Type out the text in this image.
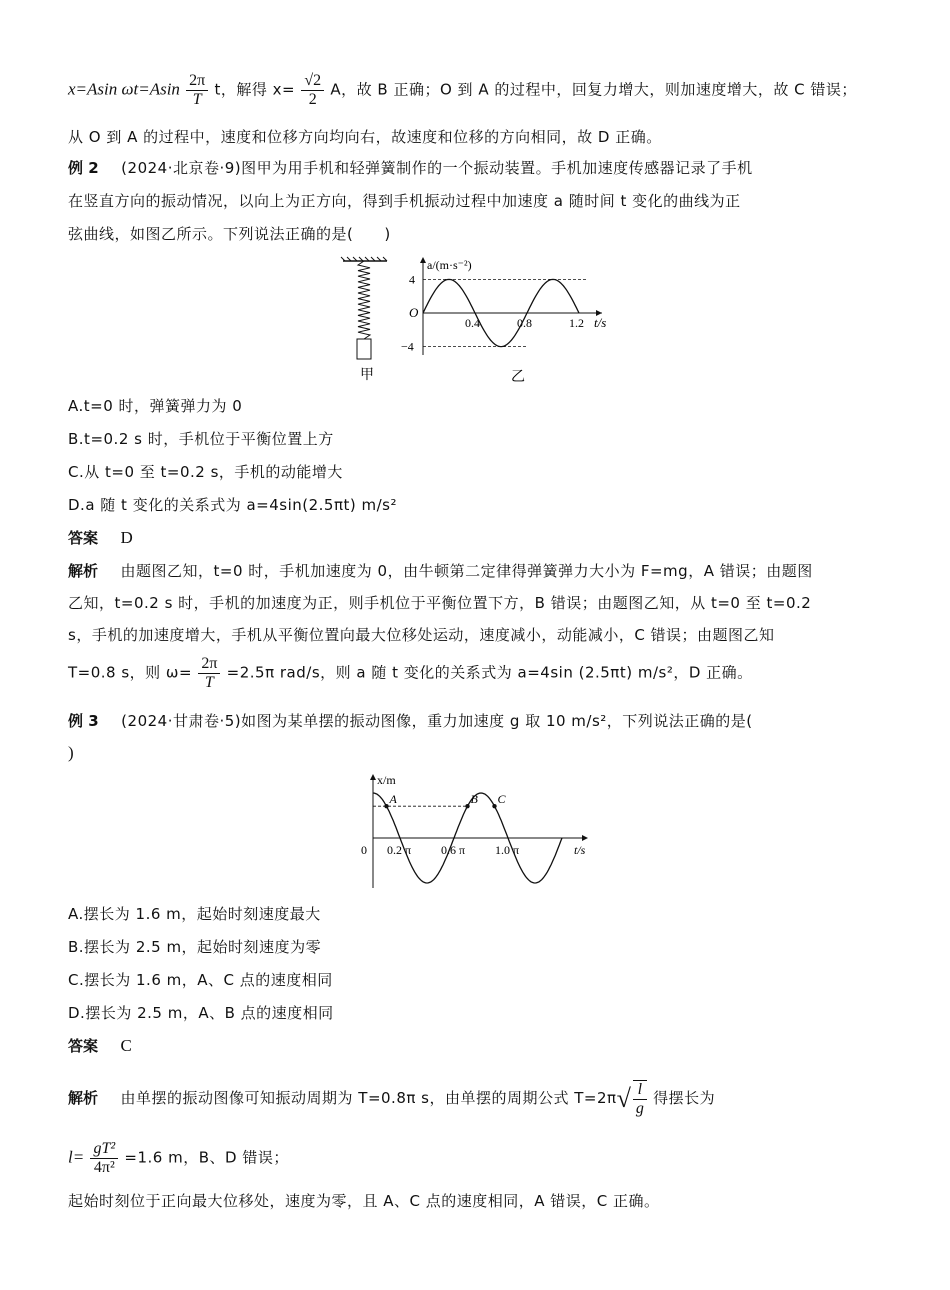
x=Asin $\omega t=Asin \frac{2\pi}{T}$ t，解得 $x= \frac{√2}{2}$ A，故 B 正确；O 到 A 的过程中，回复力增大，则加速度增大，故 C 错误；
从 O 到 A 的过程中，速度和位移方向均向右，故速度和位移的方向相同，故 D 正确。
例 2 (2024·北京卷·9)图甲为用手机和轻弹簧制作的一个振动装置。手机加速度传感器记录了手机
在竖直方向的振动情况，以向上为正方向，得到手机振动过程中加速度 a 随时间 t 变化的曲线为正
弦曲线，如图乙所示。下列说法正确的是(　　)
甲
a/(m·s⁻²)
t/s
O
4
−4
0.4	0.8	1.2
乙
A.t=0 时，弹簧弹力为 0
B.t=0.2 s 时，手机位于平衡位置上方
C.从 t=0 至 t=0.2 s，手机的动能增大
D.a 随 t 变化的关系式为 a=4sin(2.5πt) m/s²
答案 D
解析 由题图乙知，t=0 时，手机加速度为 0，由牛顿第二定律得弹簧弹力大小为 F=mg，A 错误；由题图
乙知，t=0.2 s 时，手机的加速度为正，则手机位于平衡位置下方，B 错误；由题图乙知，从 t=0 至 t=0.2
s，手机的加速度增大，手机从平衡位置向最大位移处运动，速度减小，动能减小，C 错误；由题图乙知
T=0.8 s，则 $\omega= \frac{2\pi}{T} =2.5\pi$ rad/s，则 a 随 t 变化的关系式为 a=4sin (2.5πt) m/s²，D 正确。
例 3 (2024·甘肃卷·5)如图为某单摆的振动图像，重力加速度 g 取 10 m/s²，下列说法正确的是(
)
x/m
t/s
0 0.2 π 0.6 π 1.0 π
A	B C
A.摆长为 1.6 m，起始时刻速度最大
B.摆长为 2.5 m，起始时刻速度为零
C.摆长为 1.6 m，A、C 点的速度相同
D.摆长为 2.5 m，A、B 点的速度相同
答案 C
解析 由单摆的振动图像可知振动周期为 T=0.8π s，由单摆的周期公式 $T=2\pi√ \frac{l}{g}$ 得摆长为
$l= \frac{\text{gT²}}{\text{4π²}} =1.6$ m，B、D 错误；
起始时刻位于正向最大位移处，速度为零，且 A、C 点的速度相同，A 错误，C 正确。
